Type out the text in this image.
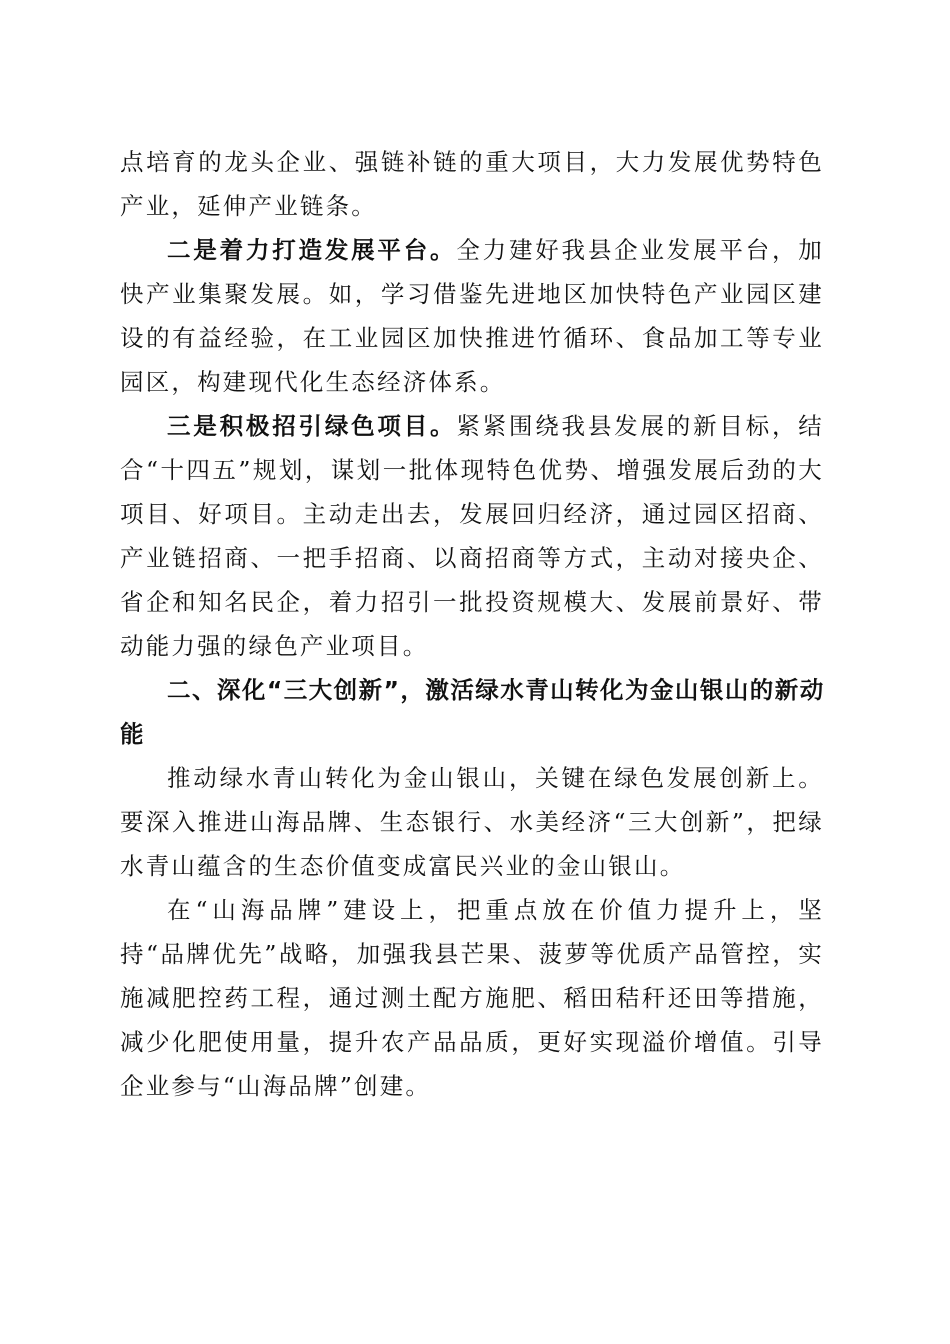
点培育的龙头企业、强链补链的重大项目，大力发展优势特色产业，延伸产业链条。

二是着力打造发展平台。全力建好我县企业发展平台，加快产业集聚发展。如，学习借鉴先进地区加快特色产业园区建设的有益经验，在工业园区加快推进竹循环、食品加工等专业园区，构建现代化生态经济体系。

三是积极招引绿色项目。紧紧围绕我县发展的新目标，结合“十四五”规划，谋划一批体现特色优势、增强发展后劲的大项目、好项目。主动走出去，发展回归经济，通过园区招商、产业链招商、一把手招商、以商招商等方式，主动对接央企、省企和知名民企，着力招引一批投资规模大、发展前景好、带动能力强的绿色产业项目。

二、深化“三大创新”，激活绿水青山转化为金山银山的新动能

推动绿水青山转化为金山银山，关键在绿色发展创新上。要深入推进山海品牌、生态银行、水美经济“三大创新”，把绿水青山蕴含的生态价值变成富民兴业的金山银山。

在“山海品牌”建设上，把重点放在价值力提升上，坚持“品牌优先”战略，加强我县芒果、菠萝等优质产品管控，实施减肥控药工程，通过测土配方施肥、稻田秸秆还田等措施，减少化肥使用量，提升农产品品质，更好实现溢价增值。引导企业参与“山海品牌”创建。
